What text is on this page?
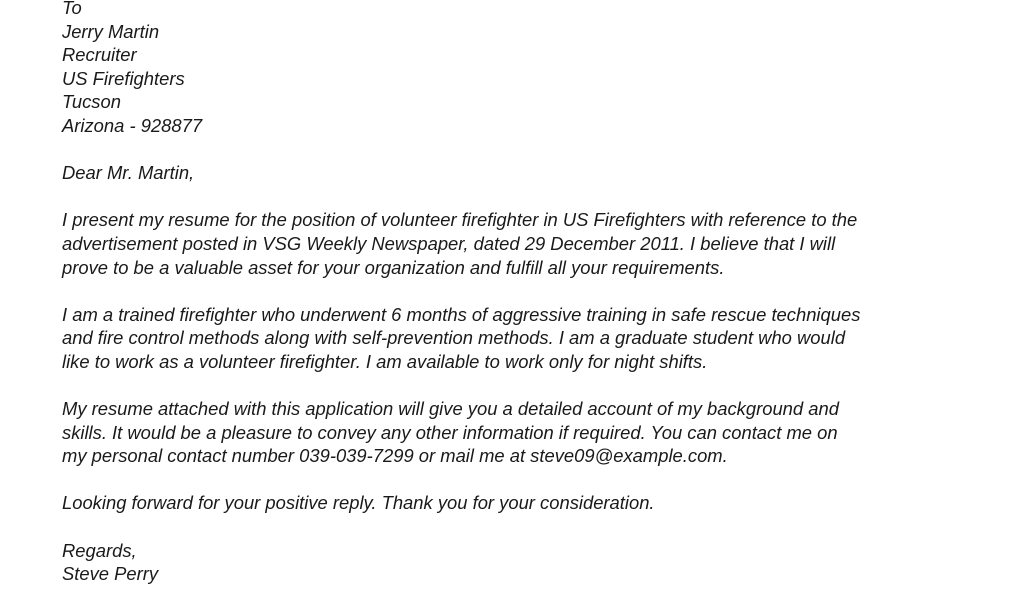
To
Jerry Martin
Recruiter
US Firefighters
Tucson
Arizona - 928877
Dear Mr. Martin,
I present my resume for the position of volunteer firefighter in US Firefighters with reference to the
advertisement posted in VSG Weekly Newspaper, dated 29 December 2011. I believe that I will
prove to be a valuable asset for your organization and fulfill all your requirements.
I am a trained firefighter who underwent 6 months of aggressive training in safe rescue techniques
and fire control methods along with self-prevention methods. I am a graduate student who would
like to work as a volunteer firefighter. I am available to work only for night shifts.
My resume attached with this application will give you a detailed account of my background and
skills. It would be a pleasure to convey any other information if required. You can contact me on
my personal contact number 039-039-7299 or mail me at steve09@example.com.
Looking forward for your positive reply. Thank you for your consideration.
Regards,
Steve Perry
